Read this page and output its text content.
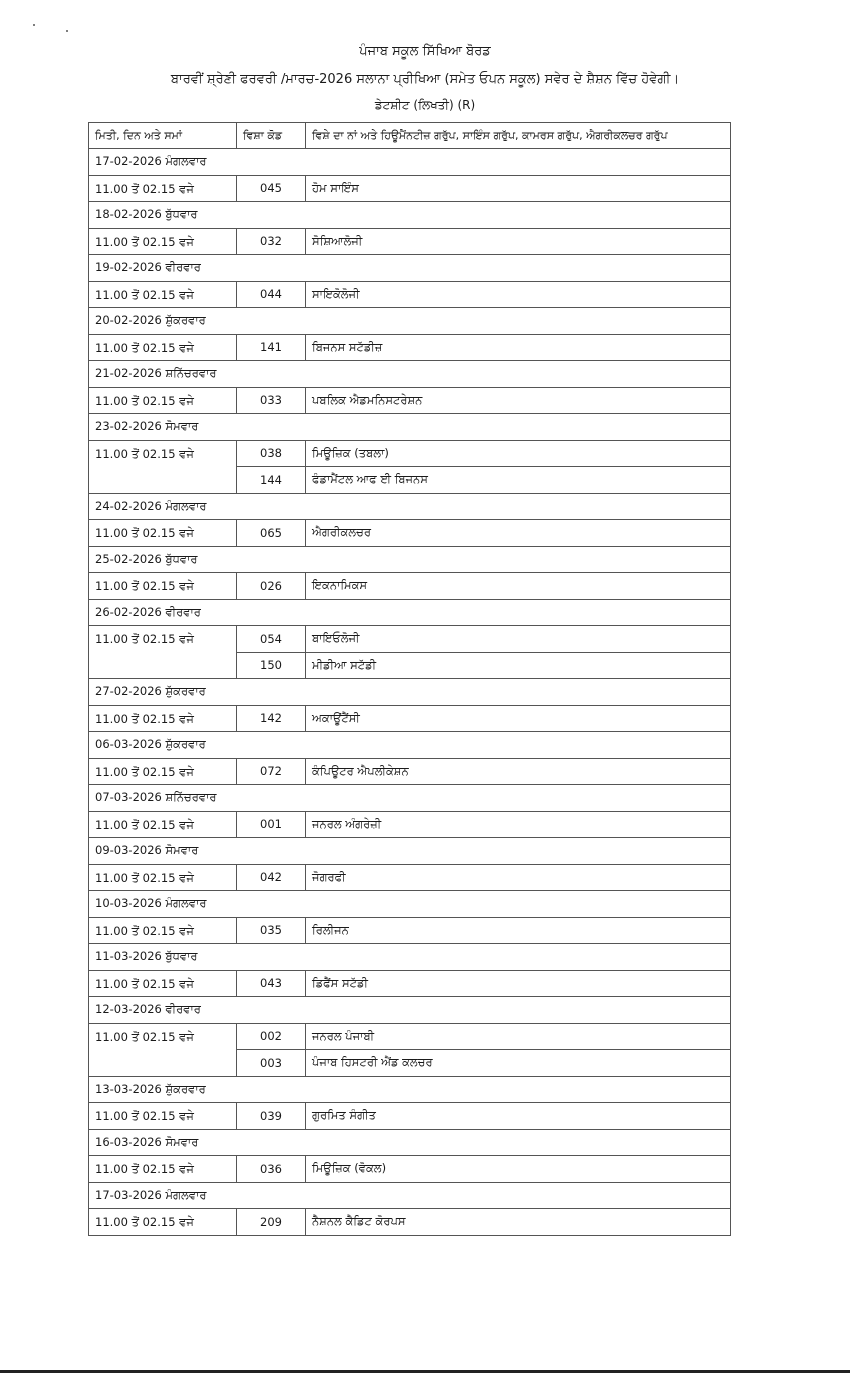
ਪੰਜਾਬ ਸਕੂਲ ਸਿੱਖਿਆ ਬੋਰਡ
ਬਾਰਵੀਂ ਸ਼੍ਰੇਣੀ ਫਰਵਰੀ /ਮਾਰਚ-2026 ਸਲਾਨਾ ਪ੍ਰੀਖਿਆ (ਸਮੇਤ ਓਪਨ ਸਕੂਲ) ਸਵੇਰ ਦੇ ਸ਼ੈਸ਼ਨ ਵਿੱਚ ਹੋਵੇਗੀ।
ਡੇਟਸ਼ੀਟ (ਲਿਖਤੀ) (R)
ਮਿਤੀ, ਦਿਨ ਅਤੇ ਸਮਾਂ	ਵਿਸ਼ਾ ਕੋਡ	ਵਿਸ਼ੇ ਦਾ ਨਾਂ ਅਤੇ ਹਿਊਮੈਂਨਟੀਜ਼ ਗਰੁੱਪ, ਸਾਇੰਸ ਗਰੁੱਪ, ਕਾਮਰਸ ਗਰੁੱਪ, ਐਗਰੀਕਲਚਰ ਗਰੁੱਪ
17-02-2026 ਮੰਗਲਵਾਰ		
11.00 ਤੋਂ 02.15 ਵਜੇ	045	ਹੋਮ ਸਾਇੰਸ
18-02-2026 ਬੁੱਧਵਾਰ		
11.00 ਤੋਂ 02.15 ਵਜੇ	032	ਸੋਸ਼ਿਆਲੋਜੀ
19-02-2026 ਵੀਰਵਾਰ		
11.00 ਤੋਂ 02.15 ਵਜੇ	044	ਸਾਇਕੋਲੋਜੀ
20-02-2026 ਸ਼ੁੱਕਰਵਾਰ		
11.00 ਤੋਂ 02.15 ਵਜੇ	141	ਬਿਜਨਸ ਸਟੱਡੀਜ਼
21-02-2026 ਸ਼ਨਿੱਚਰਵਾਰ		
11.00 ਤੋਂ 02.15 ਵਜੇ	033	ਪਬਲਿਕ ਐਡਮਨਿਸਟਰੇਸ਼ਨ
23-02-2026 ਸੋਮਵਾਰ		
11.00 ਤੋਂ 02.15 ਵਜੇ	038	ਮਿਊਜ਼ਿਕ (ਤਬਲਾ)
	144	ਫੰਡਾਮੈਂਟਲ ਆਫ ਈ ਬਿਜਨਸ
24-02-2026 ਮੰਗਲਵਾਰ		
11.00 ਤੋਂ 02.15 ਵਜੇ	065	ਐਗਰੀਕਲਚਰ
25-02-2026 ਬੁੱਧਵਾਰ		
11.00 ਤੋਂ 02.15 ਵਜੇ	026	ਇਕਨਾਮਿਕਸ
26-02-2026 ਵੀਰਵਾਰ		
11.00 ਤੋਂ 02.15 ਵਜੇ	054	ਬਾਇਓਲੋਜੀ
	150	ਮੀਡੀਆ ਸਟੱਡੀ
27-02-2026 ਸ਼ੁੱਕਰਵਾਰ		
11.00 ਤੋਂ 02.15 ਵਜੇ	142	ਅਕਾਊਂਟੈਂਸੀ
06-03-2026 ਸ਼ੁੱਕਰਵਾਰ		
11.00 ਤੋਂ 02.15 ਵਜੇ	072	ਕੰਪਿਊਟਰ ਐਪਲੀਕੇਸ਼ਨ
07-03-2026 ਸ਼ਨਿੱਚਰਵਾਰ		
11.00 ਤੋਂ 02.15 ਵਜੇ	001	ਜਨਰਲ ਅੰਗਰੇਜ਼ੀ
09-03-2026 ਸੋਮਵਾਰ		
11.00 ਤੋਂ 02.15 ਵਜੇ	042	ਜੋਗਰਫੀ
10-03-2026 ਮੰਗਲਵਾਰ		
11.00 ਤੋਂ 02.15 ਵਜੇ	035	ਰਿਲੀਜਨ
11-03-2026 ਬੁੱਧਵਾਰ		
11.00 ਤੋਂ 02.15 ਵਜੇ	043	ਡਿਫੈਂਸ ਸਟੱਡੀ
12-03-2026 ਵੀਰਵਾਰ		
11.00 ਤੋਂ 02.15 ਵਜੇ	002	ਜਨਰਲ ਪੰਜਾਬੀ
	003	ਪੰਜਾਬ ਹਿਸਟਰੀ ਐਂਡ ਕਲਚਰ
13-03-2026 ਸ਼ੁੱਕਰਵਾਰ		
11.00 ਤੋਂ 02.15 ਵਜੇ	039	ਗੁਰਮਿਤ ਸੰਗੀਤ
16-03-2026 ਸੋਮਵਾਰ		
11.00 ਤੋਂ 02.15 ਵਜੇ	036	ਮਿਊਜ਼ਿਕ (ਵੋਕਲ)
17-03-2026 ਮੰਗਲਵਾਰ		
11.00 ਤੋਂ 02.15 ਵਜੇ	209	ਨੈਸ਼ਨਲ ਕੈਡਿਟ ਕੋਰਪਸ
